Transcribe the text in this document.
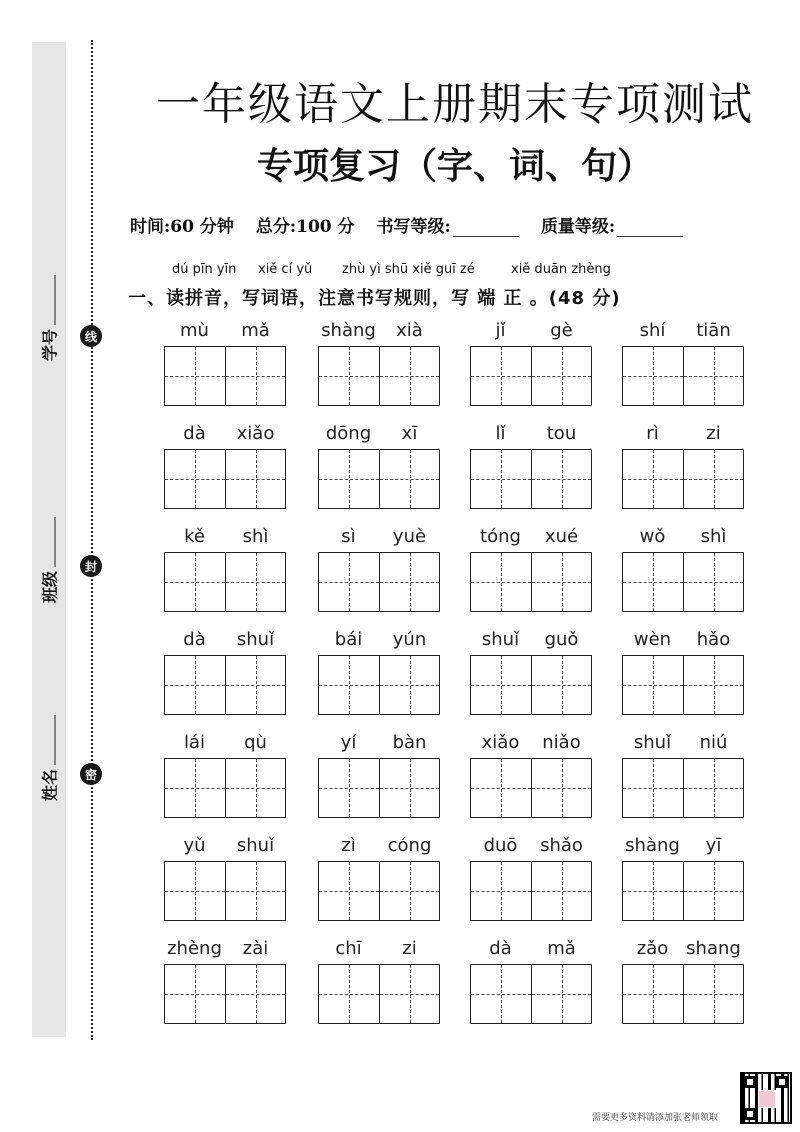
学号
班级
姓名
线
封
密
一年级语文上册期末专项测试
专项复习（字、词、句）
时间:60 分钟 总分:100 分 书写等级:	质量等级:
dú pīn yīn xiě cí yǔ zhù yì shū xiě guī zé	xiě duān zhèng
一、读拼音，写词语，注意书写规则，写 端 正 。(48 分)
mù	mǎ	shàng	xià	jǐ	gè	shí	tiān
dà	xiǎo	dōng	xī	lǐ	tou	rì	zi
kě	shì	sì	yuè	tóng	xué	wǒ	shì
dà	shuǐ	bái	yún	shuǐ	guǒ	wèn	hǎo
lái	qù	yí	bàn	xiǎo	niǎo	shuǐ	niú
yǔ	shuǐ	zì	cóng	duō	shǎo	shàng	yī
zhèng	zài	chī	zi	dà	mǎ	zǎo shang
需要更多资料请添加张老师领取
